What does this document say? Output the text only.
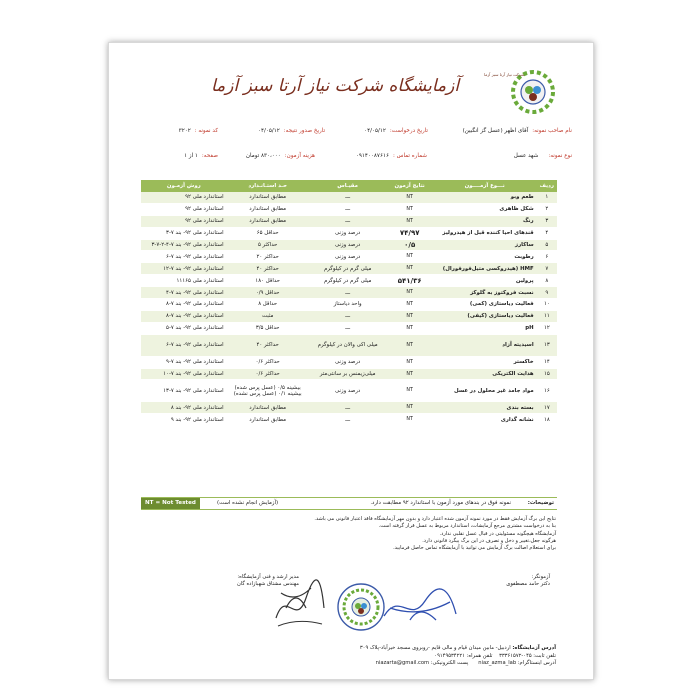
شرکت نیاز آرتا سبز آزما
آزمایشگاه شرکت نیاز آرتا سبز آزما
نام صاحب نمونه:آقای اظهر (عسل گز انگبین)
تاریخ درخواست:۰۴/۰۵/۱۲
تاریخ صدور نتیجه:۰۴/۰۵/۱۲
کد نمونه :۳۲۰۲
نوع نمونه:شهد عسل
شماره تماس :۰۹۱۴۰۰۸۷۶۱۶
هزینه آزمون:۸۳۰،۰۰۰ تومان
صفحه:۱ از ۱
ردیف	نـــوع آزمــــون	نتایج آزمون	مقیـاس	حـد استـانـدارد	روش آزمـون
۱	طعم وبو	NT	ـــ	مطابق استاندارد	استاندارد ملی ۹۲
۲	شکل ظاهری	NT	ـــ	مطابق استاندارد	استاندارد ملی ۹۲
۳	رنگ	NT	ـــ	مطابق استاندارد	استاندارد ملی ۹۲
۴	قندهای احیا کننده قبل از هیدرولیز	۷۴/۹۷	درصد وزنی	حداقل ۶۵	استاندارد ملی ۹۲- بند ۷-۳
۵	ساکارز	۰/۵	درصد وزنی	حداکثر ۵	استاندارد ملی ۹۲- بند ۷-۴-۲-۷-۳
۶	رطوبت	NT	درصد وزنی	حداکثر ۲۰	استاندارد ملی ۹۲- بند ۷-۶
۷	HMF (هیدروکسی متیل‌فورفورال)	NT	میلی گرم در کیلوگرم	حداکثر ۴۰	استاندارد ملی ۹۲- بند ۷-۱۲
۸	پرولین	۵۴۱/۳۶	میلی گرم در کیلوگرم	حداقل ۱۸۰	استاندارد ملی ۱۱۱۶۵
۹	نسبت فروکتوز به گلوکز	NT	ـــ	حداقل ۰/۹	استاندارد ملی ۹۲- بند ۷-۴
۱۰	فعالیت دیاستازی (کمی)	NT	واحد دیاستاز	حداقل ۸	استاندارد ملی ۹۲- بند ۷-۸
۱۱	فعالیت دیاستازی (کیفی)	NT	ـــ	مثبت	استاندارد ملی ۹۲- بند ۷-۸
۱۲	pH	NT	ـــ	حداقل ۳/۵	استاندارد ملی ۹۲- بند ۷-۵
۱۳	اسیدیته آزاد	NT	میلی اکی والان در کیلوگرم	حداکثر ۴۰	استاندارد ملی ۹۲- بند ۷-۶
۱۴	خاکستر	NT	درصد وزنی	حداکثر ۰/۶	استاندارد ملی ۹۲- بند ۷-۹
۱۵	هدایت الکتریکی	NT	میلی‌زیمنس بر سانتی‌متر	حداکثر ۰/۶	استاندارد ملی ۹۲- بند ۷-۱۰
۱۶	مواد جامد غیر محلول در عسل	NT	درصد وزنی	بیشینه ۰/۵ (عسل پرس شده) بیشینه ۰/۱ (عسل پرس نشده)	استاندارد ملی ۹۲- بند ۷-۱۳
۱۷	بسته بندی	NT	ـــ	مطابق استاندارد	استاندارد ملی ۹۲- بند ۸
۱۸	نشانه گذاری	NT	ـــ	مطابق استاندارد	استاندارد ملی ۹۲- بند ۹
توضیحات:
نمونه فوق در بندهای مورد آزمون با استاندارد ۹۲ مطابقت دارد.
(آزمایش انجام نشده است)
NT = Not Tested
نتایج این برگ آزمایش فقط در مورد نمونه آزمون شده اعتبار دارد و بدون مهر آزمایشگاه فاقد اعتبار قانونی می باشد.
بنا به درخواست مشتری مرجع آزمایشات، استاندارد مربوط به عسل قرار گرفته است.
آزمایشگاه هیچگونه مسئولیتی در قبال عسل تقلبی ندارد.
هرگونه جعل،تغییر و دخل و تصرف در این برگ پیگرد قانونی دارد.
برای استعلام اصالت برگ آزمایش می توانید با آزمایشگاه تماس حاصل فرمایید.
مدیر ارشد و فنی آزمایشگاه:
مهندس مشتاق شهبازاده گان
آزمونگر:
دکتر حامد مصطفوی
آدرس آزمایشگاه: اردبیل- مابین میدان قیام و مالی قایم -روبروی مسجد خیرآباد-پلاک ۳۰۹
تلفن ثابت: ۰۴۵-۳۳۳۶۱۵۷۲    تلفن همراه: ۰۹۱۴۹۵۳۴۲۲۱
آدرس اینستاگرام: niaz_azma_lab      پست الکترونیکی: niazarta@gmail.com
